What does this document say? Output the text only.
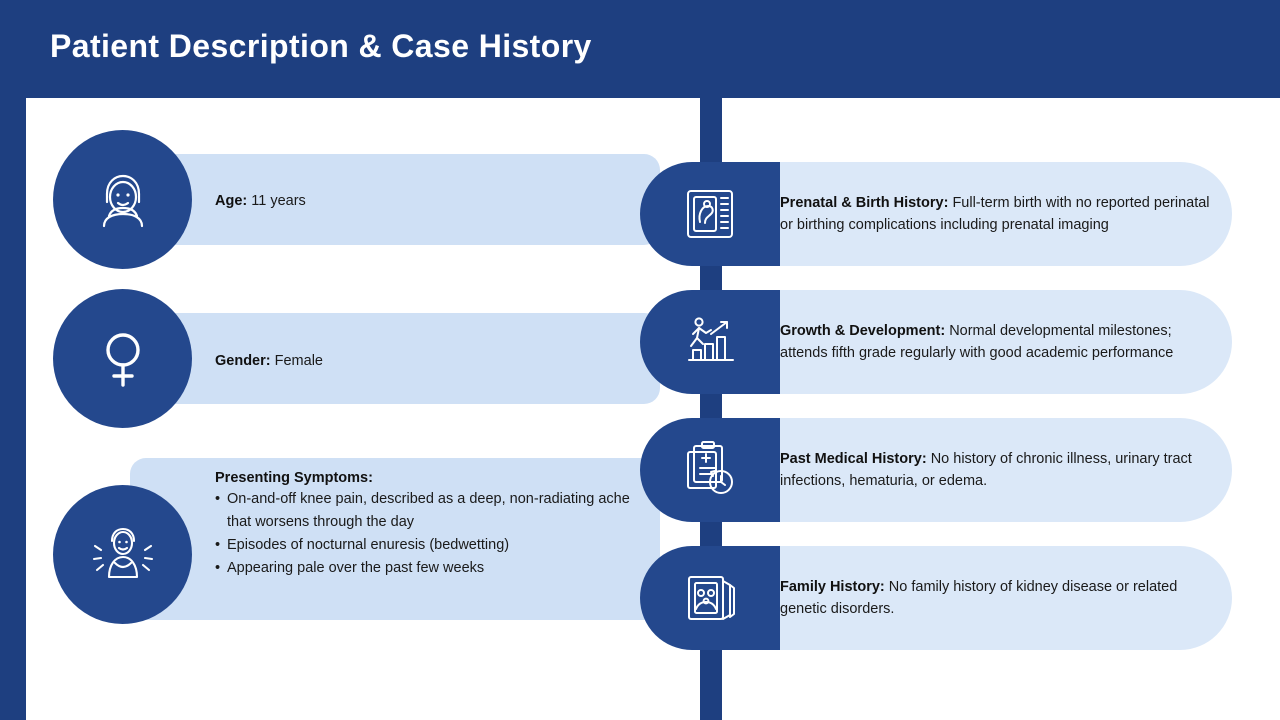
Patient Description & Case History
Age: 11 years
Gender: Female
Presenting Symptoms:
• On-and-off knee pain, described as a deep, non-radiating ache that worsens through the day
• Episodes of nocturnal enuresis (bedwetting)
• Appearing pale over the past few weeks
Prenatal & Birth History: Full-term birth with no reported perinatal or birthing complications including prenatal imaging
Growth & Development: Normal developmental milestones; attends fifth grade regularly with good academic performance
Past Medical History: No history of chronic illness, urinary tract infections, hematuria, or edema.
Family History: No family history of kidney disease or related genetic disorders.
